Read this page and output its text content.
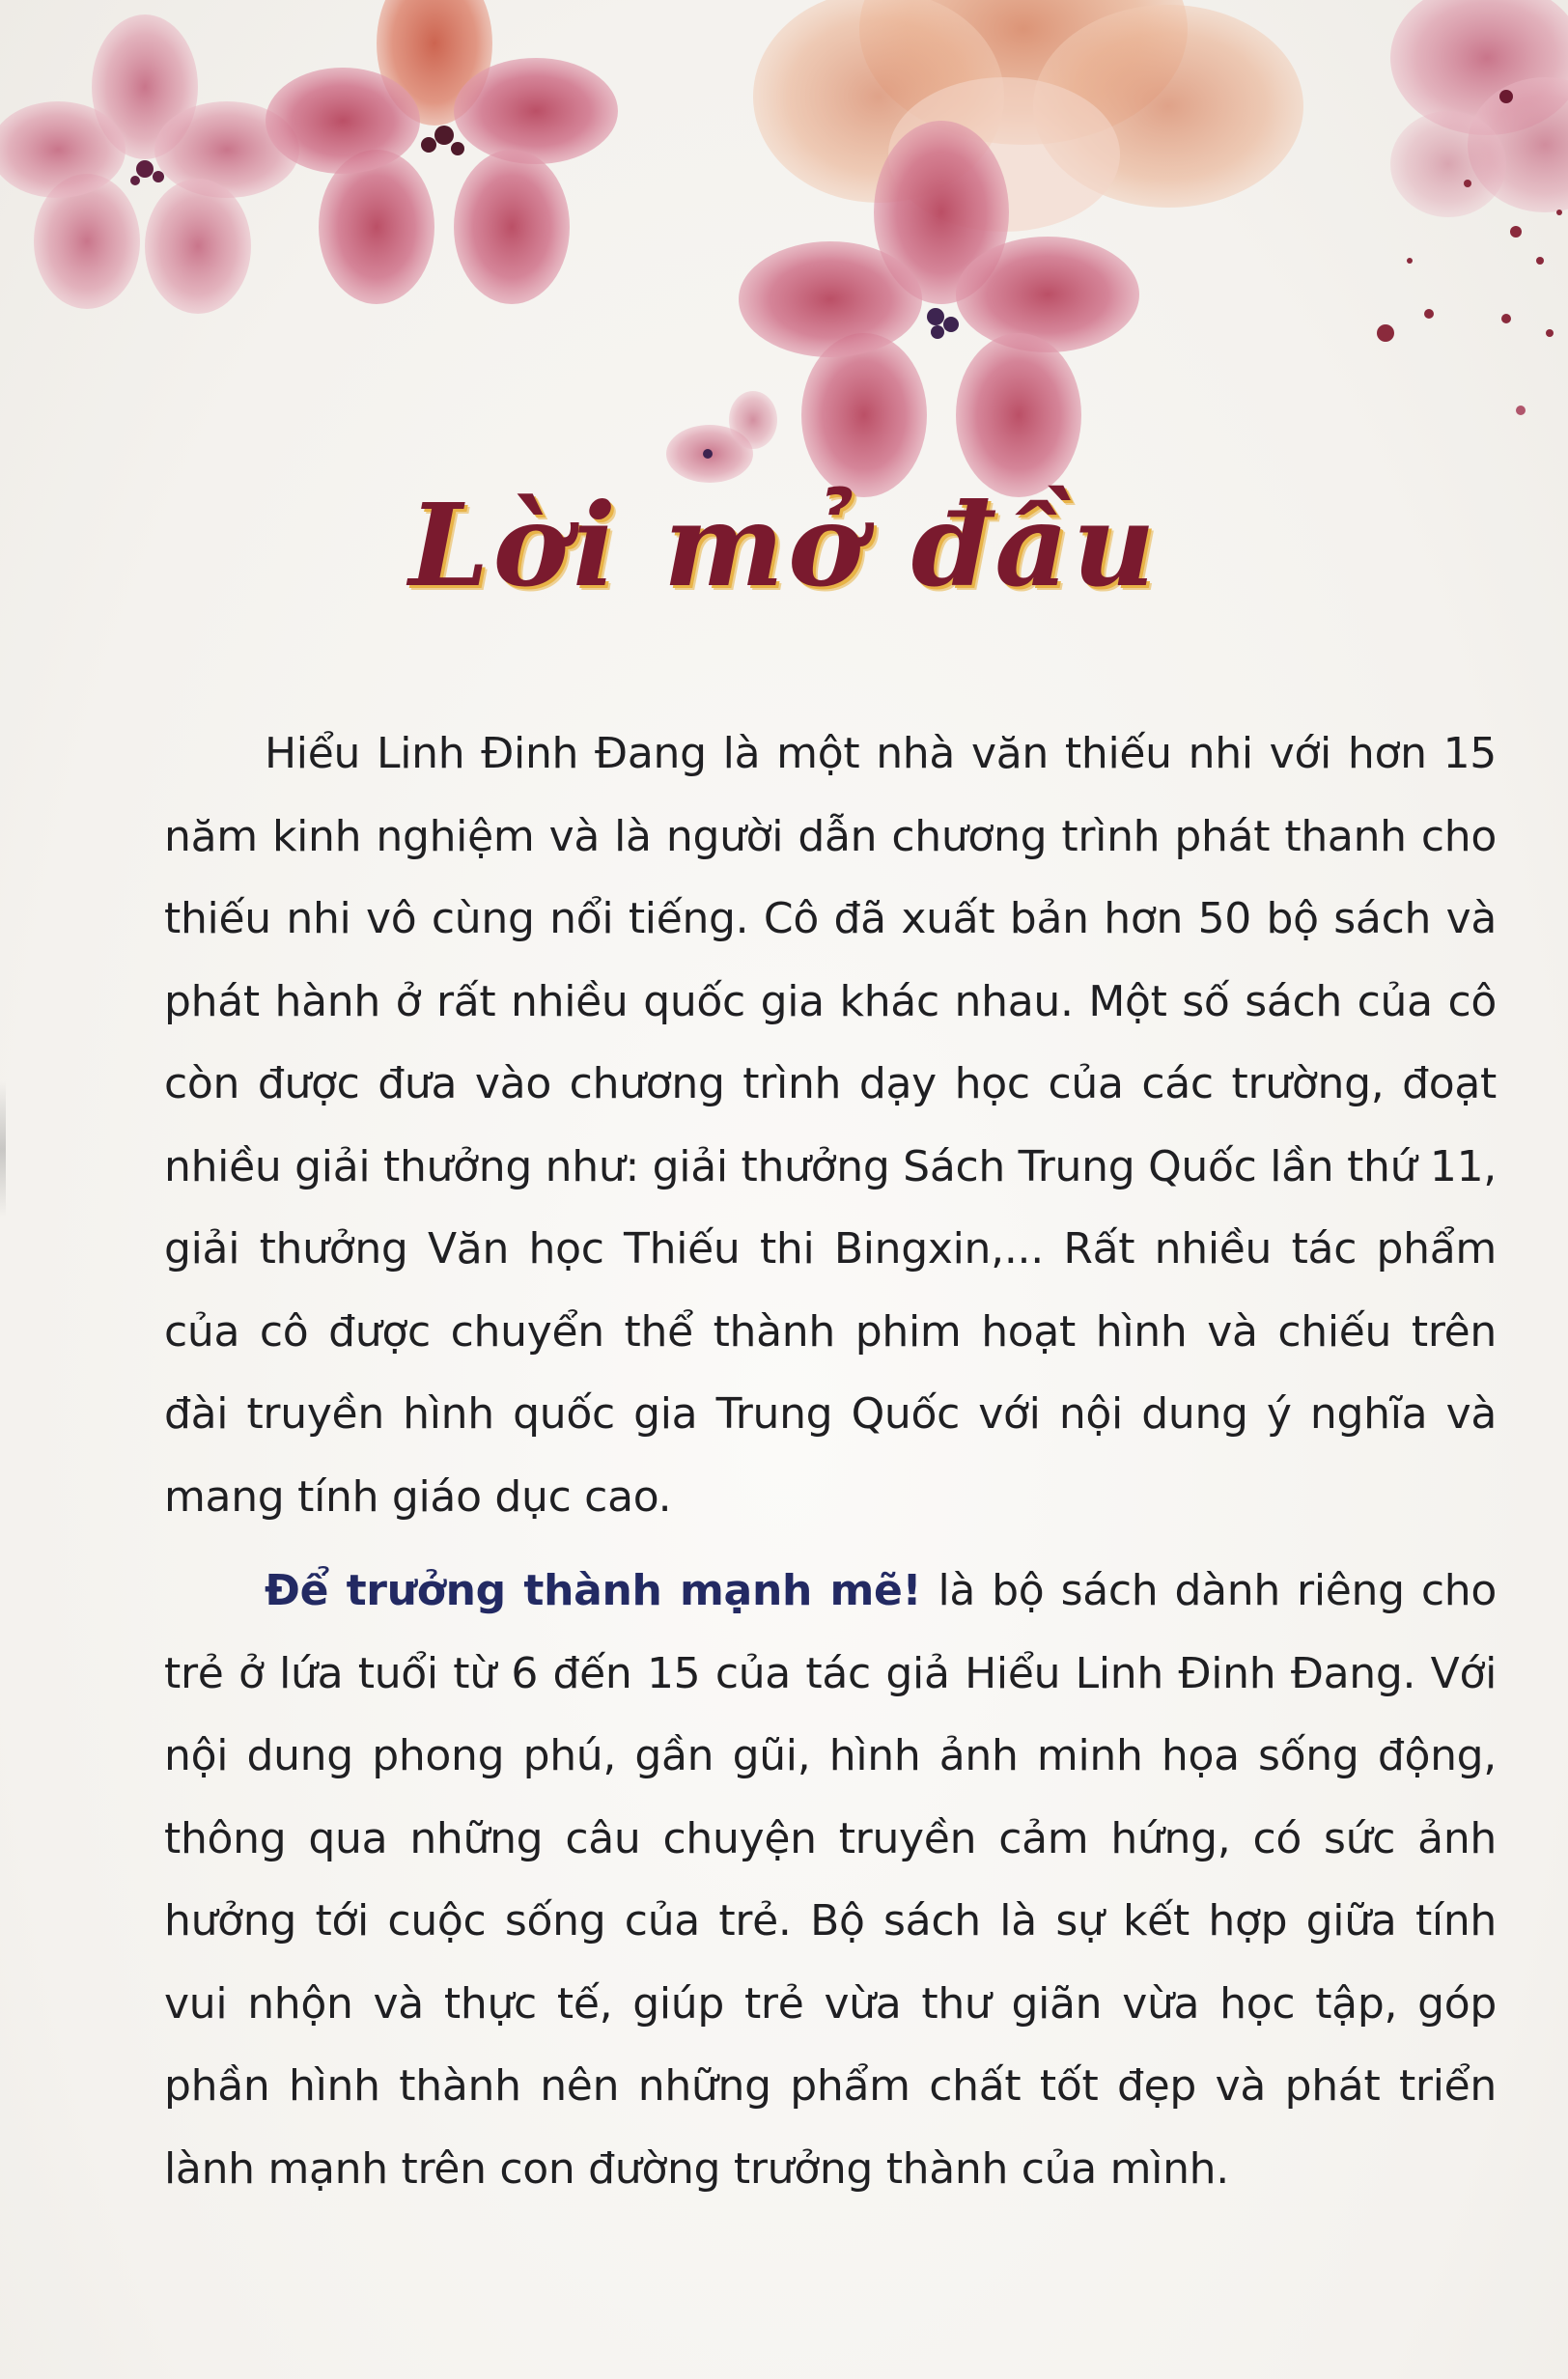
Lời mở đầu

Hiểu Linh Đinh Đang là một nhà văn thiếu nhi với hơn 15 năm kinh nghiệm và là người dẫn chương trình phát thanh cho thiếu nhi vô cùng nổi tiếng. Cô đã xuất bản hơn 50 bộ sách và phát hành ở rất nhiều quốc gia khác nhau. Một số sách của cô còn được đưa vào chương trình dạy học của các trường, đoạt nhiều giải thưởng như: giải thưởng Sách Trung Quốc lần thứ 11, giải thưởng Văn học Thiếu thi Bingxin,... Rất nhiều tác phẩm của cô được chuyển thể thành phim hoạt hình và chiếu trên đài truyền hình quốc gia Trung Quốc với nội dung ý nghĩa và mang tính giáo dục cao.

Để trưởng thành mạnh mẽ! là bộ sách dành riêng cho trẻ ở lứa tuổi từ 6 đến 15 của tác giả Hiểu Linh Đinh Đang. Với nội dung phong phú, gần gũi, hình ảnh minh họa sống động, thông qua những câu chuyện truyền cảm hứng, có sức ảnh hưởng tới cuộc sống của trẻ. Bộ sách là sự kết hợp giữa tính vui nhộn và thực tế, giúp trẻ vừa thư giãn vừa học tập, góp phần hình thành nên những phẩm chất tốt đẹp và phát triển lành mạnh trên con đường trưởng thành của mình.
